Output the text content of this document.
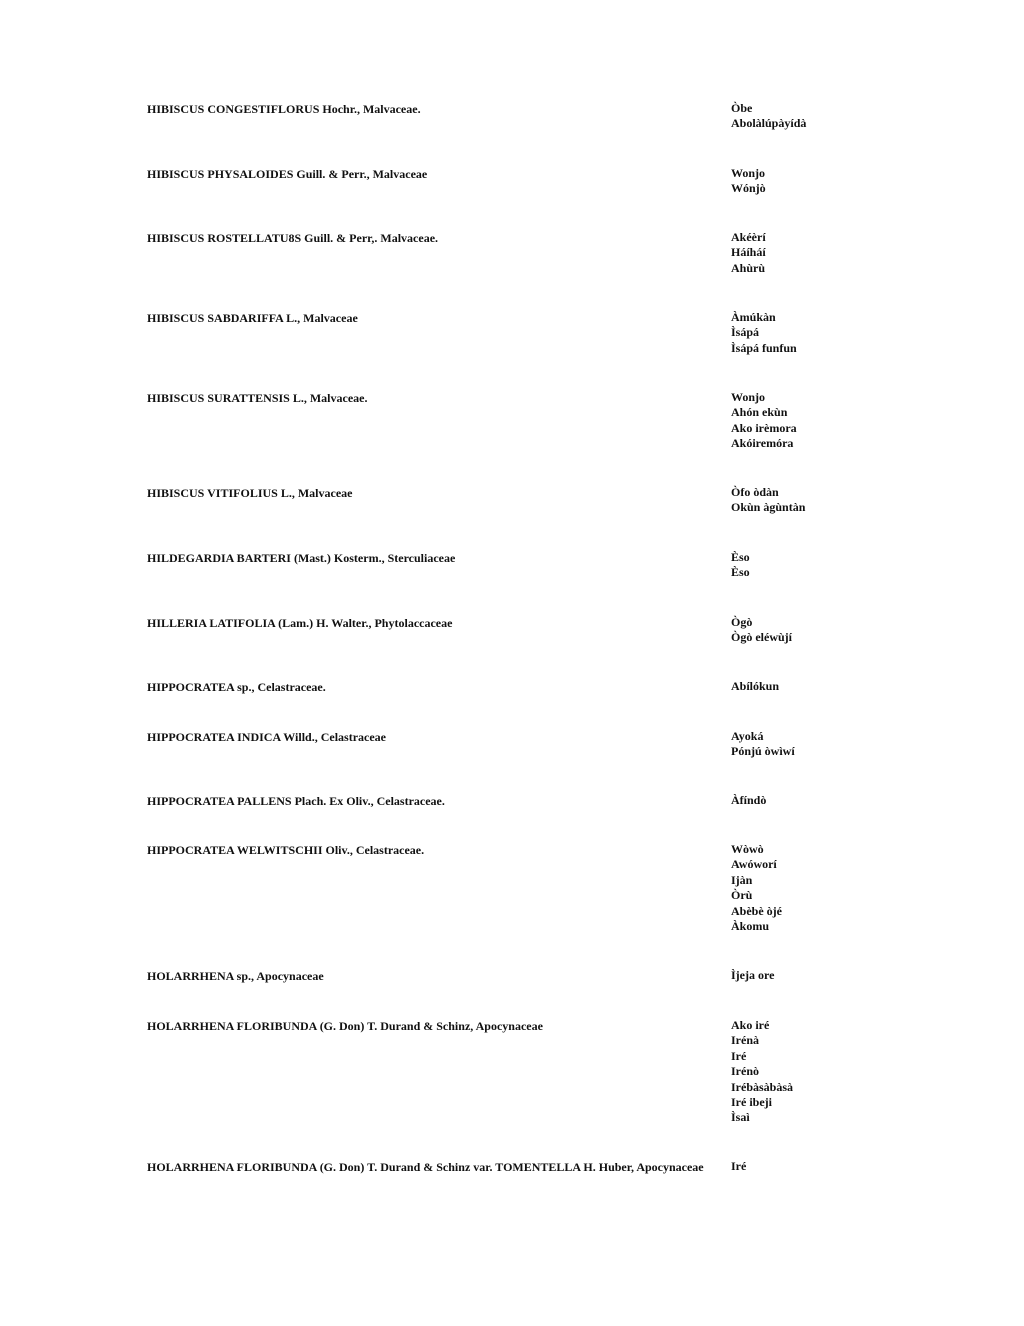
HIBISCUS CONGESTIFLORUS Hochr., Malvaceae.	Òbe
Abolàlúpàyídà
HIBISCUS PHYSALOIDES Guill. & Perr., Malvaceae	Wonjo
Wónjò
HIBISCUS ROSTELLATU8S Guill. & Perr,. Malvaceae.	Akéèrí
Háíháí
Ahùrù
HIBISCUS SABDARIFFA L., Malvaceae	Àmúkàn
Ìsápá
Ìsápá funfun
HIBISCUS SURATTENSIS L., Malvaceae.	Wonjo
Ahón ekùn
Ako irèmora
Akóiremóra
HIBISCUS VITIFOLIUS L., Malvaceae	Òfo òdàn
Okùn àgùntàn
HILDEGARDIA BARTERI (Mast.) Kosterm., Sterculiaceae	Èso
Èso
HILLERIA LATIFOLIA (Lam.) H. Walter., Phytolaccaceae	Ògò
Ògò eléwùjí
HIPPOCRATEA sp., Celastraceae.	Abílókun
HIPPOCRATEA INDICA Willd., Celastraceae	Ayoká
Pónjú òwìwí
HIPPOCRATEA PALLENS Plach. Ex Oliv., Celastraceae.	Àfíndò
HIPPOCRATEA WELWITSCHII Oliv., Celastraceae.	Wòwò
Awóworí
Ijàn
Òrù
Abèbè òjé
Àkomu
HOLARRHENA sp., Apocynaceae	Ìjeja ore
HOLARRHENA FLORIBUNDA (G. Don) T. Durand & Schinz, Apocynaceae	Ako iré
Irénà
Iré
Irénò
Irébàsàbàsà
Iré ibeji
Ìsaì
HOLARRHENA FLORIBUNDA (G. Don) T. Durand & Schinz var. TOMENTELLA H. Huber, Apocynaceae Iré
